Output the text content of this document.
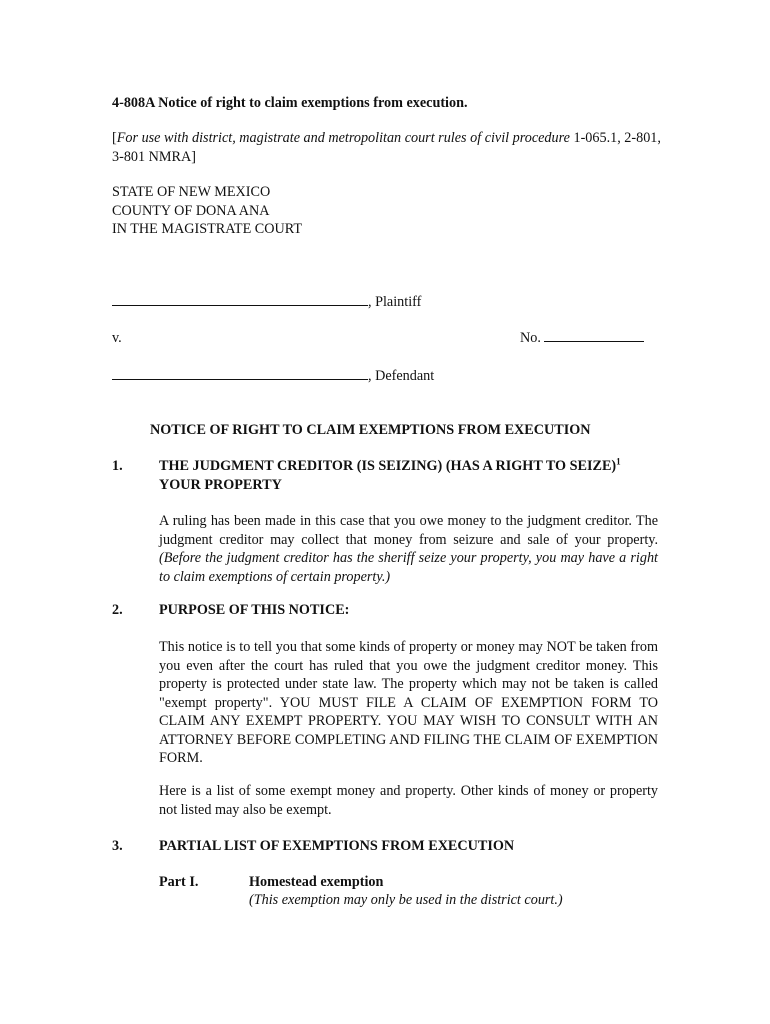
4-808A Notice of right to claim exemptions from execution.
[For use with district, magistrate and metropolitan court rules of civil procedure 1-065.1, 2-801, 3-801 NMRA]
STATE OF NEW MEXICO
COUNTY OF DONA ANA
IN THE MAGISTRATE COURT
, Plaintiff
v.	No.
, Defendant
NOTICE OF RIGHT TO CLAIM EXEMPTIONS FROM EXECUTION
1.	THE JUDGMENT CREDITOR (IS SEIZING) (HAS A RIGHT TO SEIZE)$^1$
YOUR PROPERTY
A ruling has been made in this case that you owe money to the judgment creditor. The judgment creditor may collect that money from seizure and sale of your property. (Before the judgment creditor has the sheriff seize your property, you may have a right to claim exemptions of certain property.)
2.	PURPOSE OF THIS NOTICE:
This notice is to tell you that some kinds of property or money may NOT be taken from you even after the court has ruled that you owe the judgment creditor money. This property is protected under state law. The property which may not be taken is called "exempt property". YOU MUST FILE A CLAIM OF EXEMPTION FORM TO CLAIM ANY EXEMPT PROPERTY. YOU MAY WISH TO CONSULT WITH AN ATTORNEY BEFORE COMPLETING AND FILING THE CLAIM OF EXEMPTION FORM.
Here is a list of some exempt money and property. Other kinds of money or property not listed may also be exempt.
3.	PARTIAL LIST OF EXEMPTIONS FROM EXECUTION
Part I.	Homestead exemption
(This exemption may only be used in the district court.)
